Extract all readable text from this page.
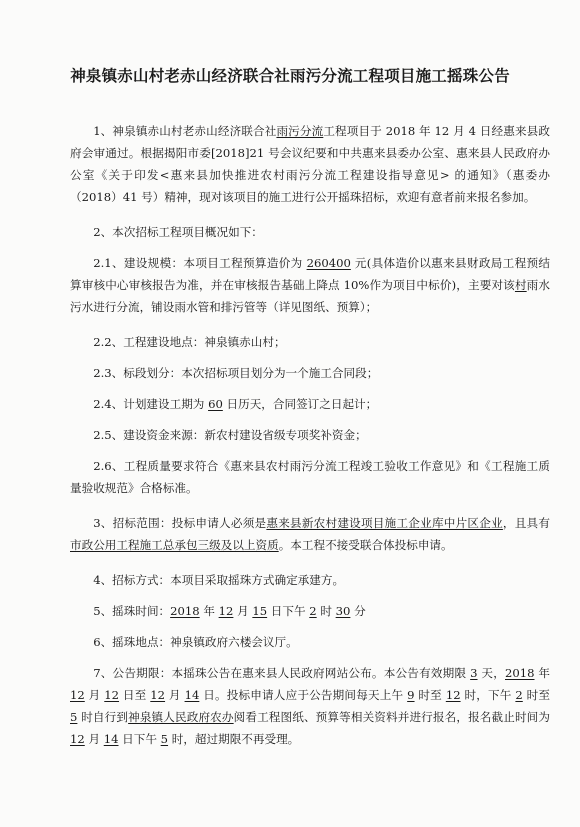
神泉镇赤山村老赤山经济联合社雨污分流工程项目施工摇珠公告

1、神泉镇赤山村老赤山经济联合社雨污分流工程项目于 2018 年 12 月 4 日经惠来县政府会审通过。根据揭阳市委[2018]21 号会议纪要和中共惠来县委办公室、惠来县人民政府办公室《关于印发<惠来县加快推进农村雨污分流工程建设指导意见> 的通知》（惠委办（2018）41 号）精神，现对该项目的施工进行公开摇珠招标，欢迎有意者前来报名参加。

2、本次招标工程项目概况如下：

2.1、建设规模：本项目工程预算造价为 260400 元(具体造价以惠来县财政局工程预结算审核中心审核报告为准，并在审核报告基础上降点 10%作为项目中标价)，主要对该村雨水污水进行分流，铺设雨水管和排污管等（详见图纸、预算）；

2.2、工程建设地点：神泉镇赤山村；

2.3、标段划分：本次招标项目划分为一个施工合同段；

2.4、计划建设工期为 60 日历天，合同签订之日起计；

2.5、建设资金来源：新农村建设省级专项奖补资金；

2.6、工程质量要求符合《惠来县农村雨污分流工程竣工验收工作意见》和《工程施工质量验收规范》合格标准。

3、招标范围：投标申请人必须是惠来县新农村建设项目施工企业库中片区企业，且具有市政公用工程施工总承包三级及以上资质。本工程不接受联合体投标申请。

4、招标方式：本项目采取摇珠方式确定承建方。

5、摇珠时间：2018 年 12 月 15 日下午 2 时 30 分

6、摇珠地点：神泉镇政府六楼会议厅。

7、公告期限：本摇珠公告在惠来县人民政府网站公布。本公告有效期限 3 天，2018 年 12 月 12 日至 12 月 14 日。投标申请人应于公告期间每天上午 9 时至 12 时，下午 2 时至 5 时自行到神泉镇人民政府农办阅看工程图纸、预算等相关资料并进行报名，报名截止时间为 12 月 14 日下午 5 时，超过期限不再受理。
